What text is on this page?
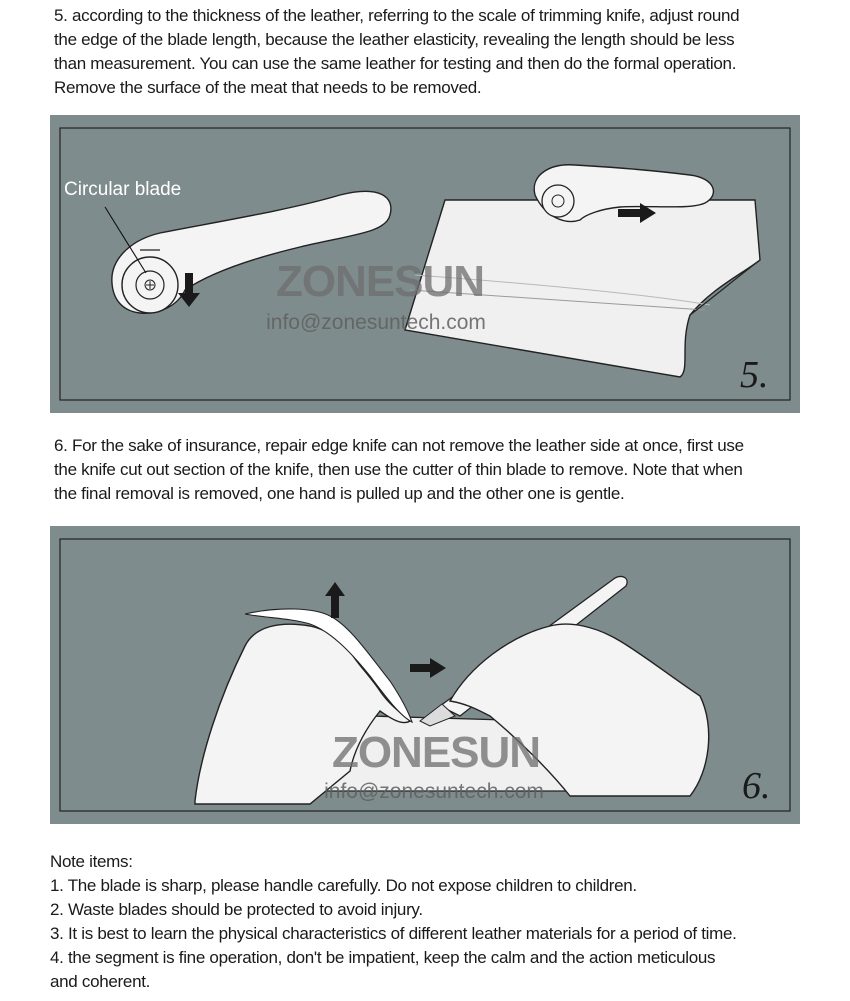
5. according to the thickness of the leather, referring to the scale of trimming knife, adjust round

the edge of the blade length, because the leather elasticity, revealing the length should be less

than measurement. You can use the same leather for testing and then do the formal operation.

Remove the surface of the meat that needs to be removed.

Circular blade
5.
ZONESUN
info@zonesuntech.com

6. For the sake of insurance, repair edge knife can not remove the leather side at once, first use

the knife cut out section of the knife, then use the cutter of thin blade to remove. Note that when

the final removal is removed, one hand is pulled up and the other one is gentle.

6.
ZONESUN
info@zonesuntech.com

Note items:

1. The blade is sharp, please handle carefully. Do not expose children to children.

2. Waste blades should be protected to avoid injury.

3. It is best to learn the physical characteristics of different leather materials for a period of time.

4. the segment is fine operation, don't be impatient, keep the calm and the action meticulous

and coherent.
